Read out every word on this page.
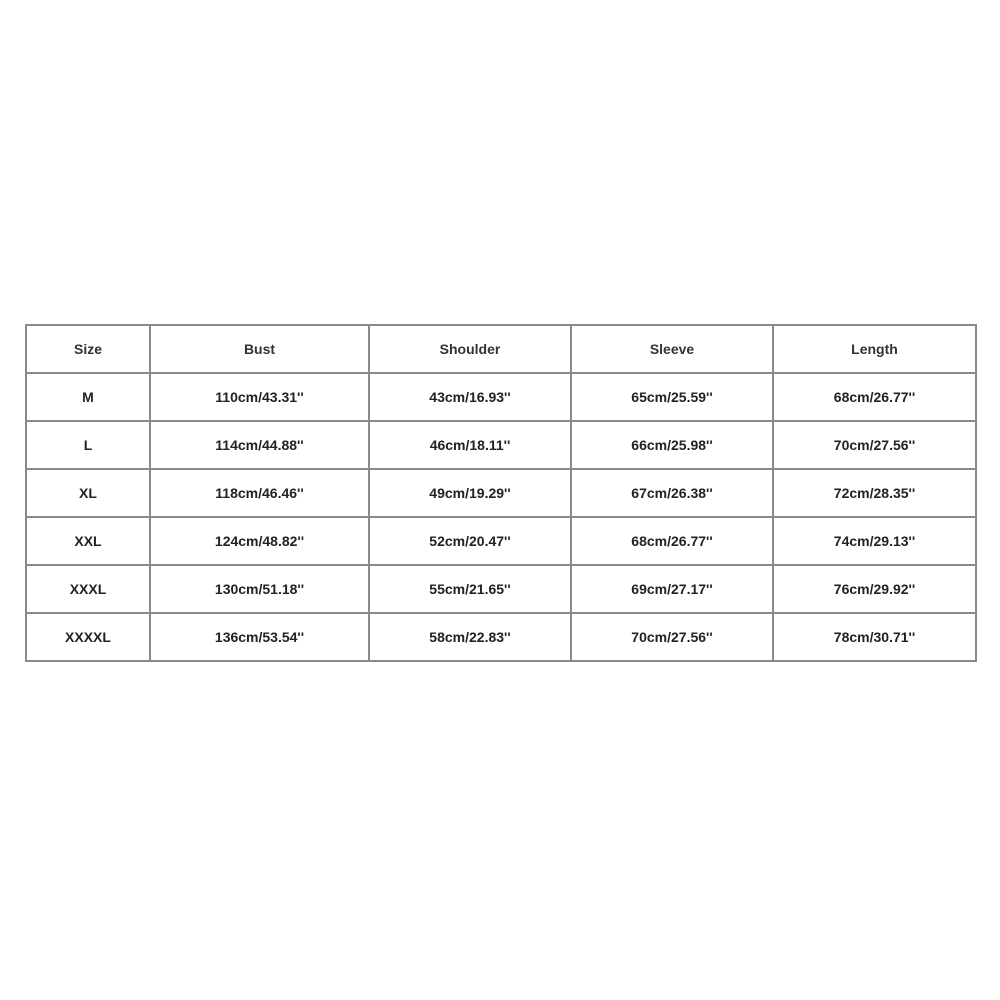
Size	Bust	Shoulder	Sleeve	Length
M	110cm/43.31''	43cm/16.93''	65cm/25.59''	68cm/26.77''
L	114cm/44.88''	46cm/18.11''	66cm/25.98''	70cm/27.56''
XL	118cm/46.46''	49cm/19.29''	67cm/26.38''	72cm/28.35''
XXL	124cm/48.82''	52cm/20.47''	68cm/26.77''	74cm/29.13''
XXXL	130cm/51.18''	55cm/21.65''	69cm/27.17''	76cm/29.92''
XXXXL	136cm/53.54''	58cm/22.83''	70cm/27.56''	78cm/30.71''
